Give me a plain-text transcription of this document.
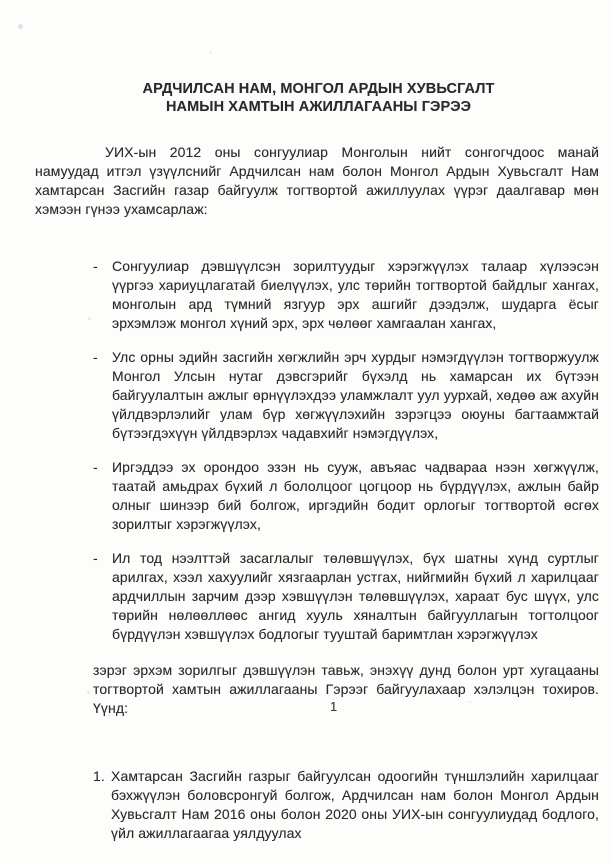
АРДЧИЛСАН НАМ, МОНГОЛ АРДЫН ХУВЬСГАЛТ
НАМЫН ХАМТЫН АЖИЛЛАГААНЫ ГЭРЭЭ

УИХ-ын 2012 оны сонгуулиар Монголын нийт сонгогчдоос манай намуудад итгэл үзүүлснийг Ардчилсан нам болон Монгол Ардын Хувьсгалт Нам хамтарсан Засгийн газар байгуулж тогтвортой ажиллуулах үүрэг даалгавар мөн хэмээн гүнээ ухамсарлаж:

-	Сонгуулиар дэвшүүлсэн зорилтуудыг хэрэгжүүлэх талаар хүлээсэн үүргээ хариуцлагатай биелүүлэх, улс төрийн тогтвортой байдлыг хангах, монголын ард түмний язгуур эрх ашгийг дээдэлж, шударга ёсыг эрхэмлэж монгол хүний эрх, эрх чөлөөг хамгаалан хангах,
-	Улс орны эдийн засгийн хөгжлийн эрч хурдыг нэмэгдүүлэн тогтворжуулж Монгол Улсын нутаг дэвсгэрийг бүхэлд нь хамарсан их бүтээн байгуулалтын ажлыг өрнүүлэхдээ уламжлалт уул уурхай, хөдөө аж ахуйн үйлдвэрлэлийг улам бүр хөгжүүлэхийн зэрэгцээ оюуны багтаамжтай бүтээгдэхүүн үйлдвэрлэх чадавхийг нэмэгдүүлэх,
-	Иргэддээ эх орондоо эзэн нь сууж, авъяас чадвараа нээн хөгжүүлж, таатай амьдрах бүхий л бололцоог цогцоор нь бүрдүүлэх, ажлын байр олныг шинээр бий болгож, иргэдийн бодит орлогыг тогтвортой өсгөх зорилтыг хэрэгжүүлэх,
-	Ил тод нээлттэй засаглалыг төлөвшүүлэх, бүх шатны хүнд суртлыг арилгах, хээл хахуулийг хязгаарлан устгах, нийгмийн бүхий л харилцааг ардчиллын зарчим дээр хэвшүүлэн төлөвшүүлэх, хараат бус шүүх, улс төрийн нөлөөллөөс ангид хууль хяналтын байгууллагын тогтолцоог бүрдүүлэн хэвшүүлэх бодлогыг тууштай баримтлан хэрэгжүүлэх

зэрэг эрхэм зорилгыг дэвшүүлэн тавьж, энэхүү дунд болон урт хугацааны тогтвортой хамтын ажиллагааны Гэрээг байгуулахаар хэлэлцэн тохиров. Үүнд:

1. Хамтарсан Засгийн газрыг байгуулсан одоогийн түншлэлийн харилцааг бэхжүүлэн боловсронгуй болгож, Ардчилсан нам болон Монгол Ардын Хувьсгалт Нам 2016 оны болон 2020 оны УИХ-ын сонгуулиудад бодлого, үйл ажиллагаагаа уялдуулах
1
